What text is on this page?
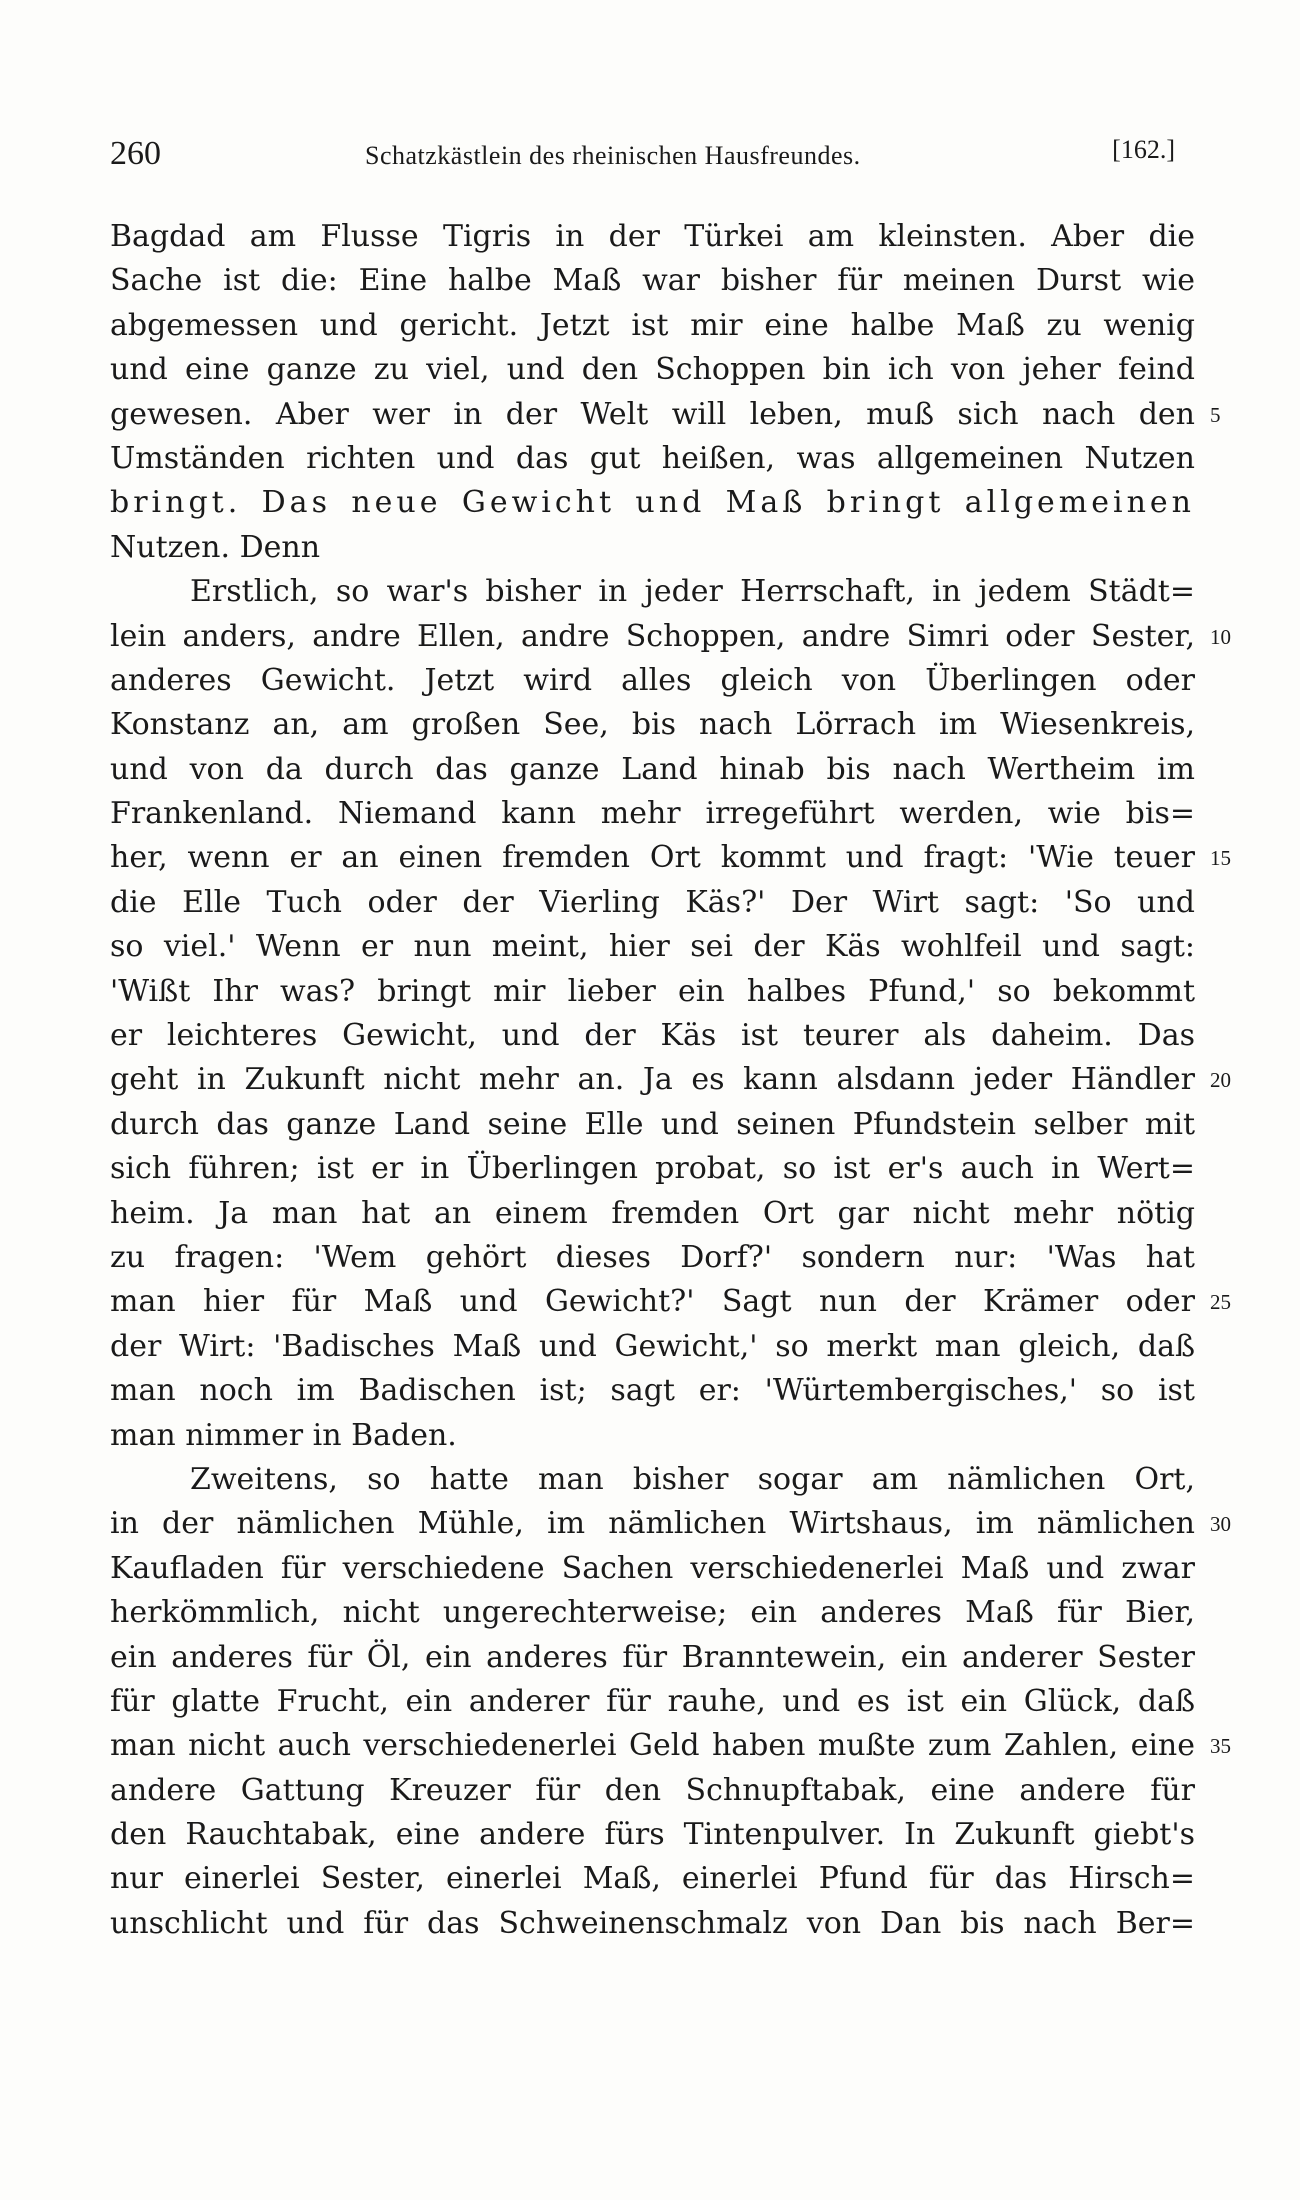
260	Schatzkästlein des rheinischen Hausfreundes.	[162.]
Bagdad am Flusse Tigris in der Türkei am kleinsten. Aber die
Sache ist die: Eine halbe Maß war bisher für meinen Durst wie
abgemessen und gericht. Jetzt ist mir eine halbe Maß zu wenig
und eine ganze zu viel, und den Schoppen bin ich von jeher feind
gewesen. Aber wer in der Welt will leben, muß sich nach den 5
Umständen richten und das gut heißen, was allgemeinen Nutzen
bringt. Das neue Gewicht und Maß bringt allgemeinen
Nutzen. Denn
Erstlich, so war's bisher in jeder Herrschaft, in jedem Städt=
lein anders, andre Ellen, andre Schoppen, andre Simri oder Sester, 10
anderes Gewicht. Jetzt wird alles gleich von Überlingen oder
Konstanz an, am großen See, bis nach Lörrach im Wiesenkreis,
und von da durch das ganze Land hinab bis nach Wertheim im
Frankenland. Niemand kann mehr irregeführt werden, wie bis=
her, wenn er an einen fremden Ort kommt und fragt: 'Wie teuer 15
die Elle Tuch oder der Vierling Käs?' Der Wirt sagt: 'So und
so viel.' Wenn er nun meint, hier sei der Käs wohlfeil und sagt:
'Wißt Ihr was? bringt mir lieber ein halbes Pfund,' so bekommt
er leichteres Gewicht, und der Käs ist teurer als daheim. Das
geht in Zukunft nicht mehr an. Ja es kann alsdann jeder Händler 20
durch das ganze Land seine Elle und seinen Pfundstein selber mit
sich führen; ist er in Überlingen probat, so ist er's auch in Wert=
heim. Ja man hat an einem fremden Ort gar nicht mehr nötig
zu fragen: 'Wem gehört dieses Dorf?' sondern nur: 'Was hat
man hier für Maß und Gewicht?' Sagt nun der Krämer oder 25
der Wirt: 'Badisches Maß und Gewicht,' so merkt man gleich, daß
man noch im Badischen ist; sagt er: 'Würtembergisches,' so ist
man nimmer in Baden.
Zweitens, so hatte man bisher sogar am nämlichen Ort,
in der nämlichen Mühle, im nämlichen Wirtshaus, im nämlichen 30
Kaufladen für verschiedene Sachen verschiedenerlei Maß und zwar
herkömmlich, nicht ungerechterweise; ein anderes Maß für Bier,
ein anderes für Öl, ein anderes für Branntewein, ein anderer Sester
für glatte Frucht, ein anderer für rauhe, und es ist ein Glück, daß
man nicht auch verschiedenerlei Geld haben mußte zum Zahlen, eine 35
andere Gattung Kreuzer für den Schnupftabak, eine andere für
den Rauchtabak, eine andere fürs Tintenpulver. In Zukunft giebt's
nur einerlei Sester, einerlei Maß, einerlei Pfund für das Hirsch=
unschlicht und für das Schweinenschmalz von Dan bis nach Ber=
